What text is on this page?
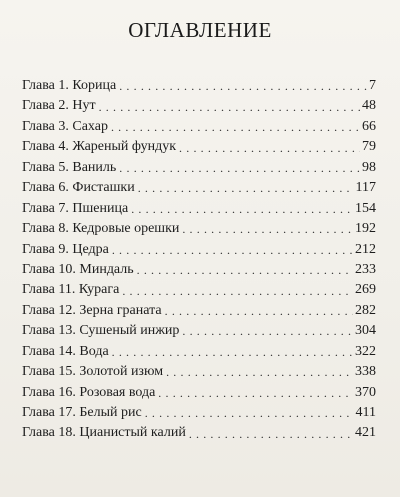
ОГЛАВЛЕНИЕ
Глава 1. Корица . . .	7
Глава 2. Нут . . .	48
Глава 3. Сахар . . .	66
Глава 4. Жареный фундук . . .	79
Глава 5. Ваниль . . .	98
Глава 6. Фисташки . . .	117
Глава 7. Пшеница . . .	154
Глава 8. Кедровые орешки . . .	192
Глава 9. Цедра . . .	212
Глава 10. Миндаль . . .	233
Глава 11. Курага . . .	269
Глава 12. Зерна граната . . .	282
Глава 13. Сушеный инжир . . .	304
Глава 14. Вода . . .	322
Глава 15. Золотой изюм . . .	338
Глава 16. Розовая вода . . .	370
Глава 17. Белый рис . . .	411
Глава 18. Цианистый калий . . .	421
